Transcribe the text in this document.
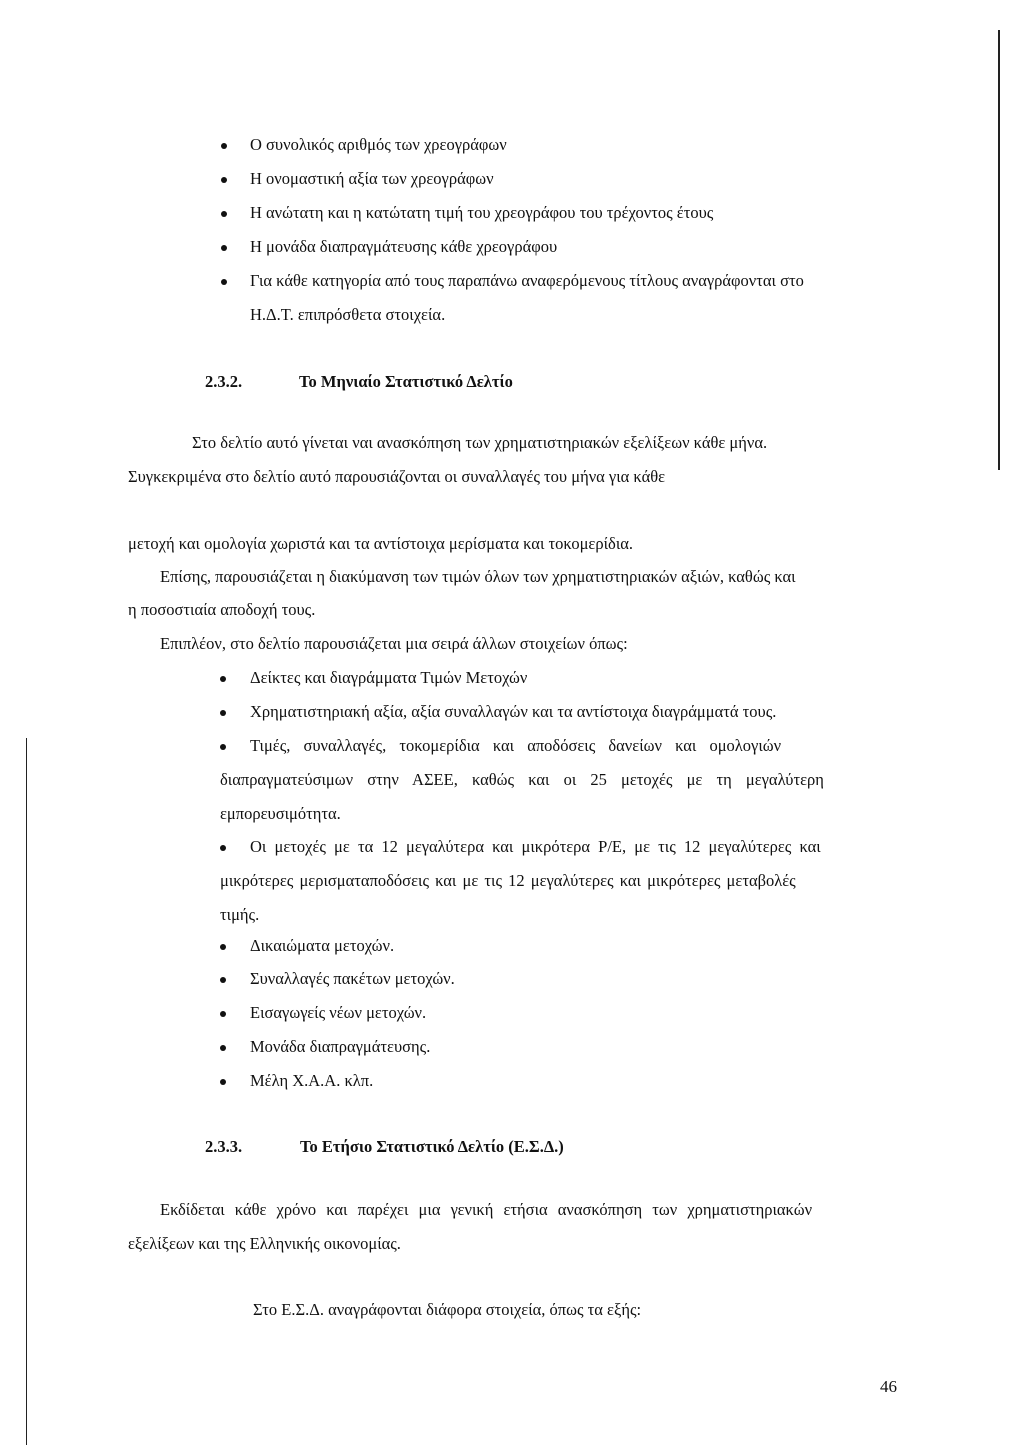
Ο συνολικός αριθμός των χρεογράφων
Η ονομαστική αξία των χρεογράφων
Η ανώτατη και η κατώτατη τιμή του χρεογράφου του τρέχοντος έτους
Η μονάδα διαπραγμάτευσης κάθε χρεογράφου
Για κάθε κατηγορία από τους παραπάνω αναφερόμενους τίτλους αναγράφονται στο
Η.Δ.Τ. επιπρόσθετα στοιχεία.
2.3.2.	Το Μηνιαίο Στατιστικό Δελτίο
Στο δελτίο αυτό γίνεται ναι ανασκόπηση των χρηματιστηριακών εξελίξεων κάθε μήνα.
Συγκεκριμένα στο δελτίο αυτό παρουσιάζονται οι συναλλαγές του μήνα για κάθε
μετοχή και ομολογία χωριστά και τα αντίστοιχα μερίσματα και τοκομερίδια.
Επίσης, παρουσιάζεται η διακύμανση των τιμών όλων των χρηματιστηριακών αξιών, καθώς και
η ποσοστιαία αποδοχή τους.
Επιπλέον, στο δελτίο παρουσιάζεται μια σειρά άλλων στοιχείων όπως:
Δείκτες και διαγράμματα Τιμών Μετοχών
Χρηματιστηριακή αξία, αξία συναλλαγών και τα αντίστοιχα διαγράμματά τους.
Τιμές, συναλλαγές, τοκομερίδια και αποδόσεις δανείων και ομολογιών
διαπραγματεύσιμων στην ΑΣΕΕ, καθώς και οι 25 μετοχές με τη μεγαλύτερη
εμπορευσιμότητα.
Οι μετοχές με τα 12 μεγαλύτερα και μικρότερα Ρ/Ε, με τις 12 μεγαλύτερες και
μικρότερες μερισματαποδόσεις και με τις 12 μεγαλύτερες και μικρότερες μεταβολές
τιμής.
Δικαιώματα μετοχών.
Συναλλαγές πακέτων μετοχών.
Εισαγωγείς νέων μετοχών.
Μονάδα διαπραγμάτευσης.
Μέλη Χ.Α.Α. κλπ.
2.3.3.	Το Ετήσιο Στατιστικό Δελτίο (Ε.Σ.Δ.)
Εκδίδεται κάθε χρόνο και παρέχει μια γενική ετήσια ανασκόπηση των χρηματιστηριακών
εξελίξεων και της Ελληνικής οικονομίας.
Στο Ε.Σ.Δ. αναγράφονται διάφορα στοιχεία, όπως τα εξής:
46
